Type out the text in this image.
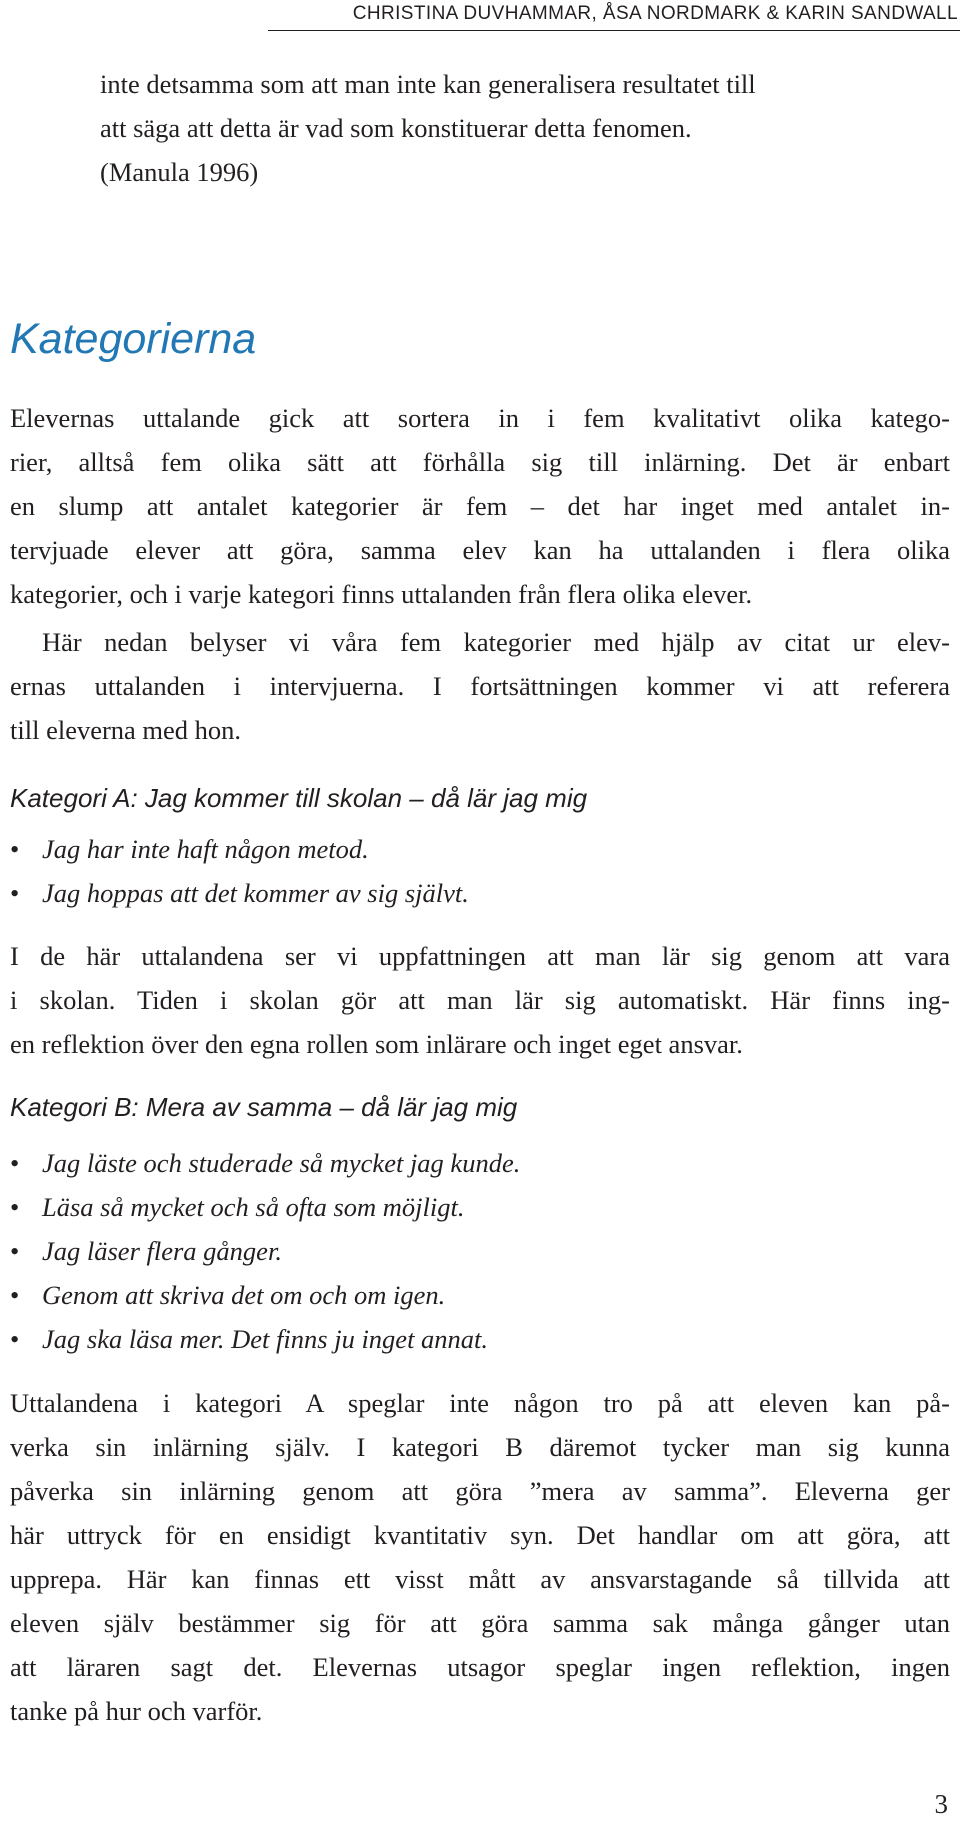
CHRISTINA DUVHAMMAR, ÅSA NORDMARK & KARIN SANDWALL
inte detsamma som att man inte kan generalisera resultatet till
att säga att detta är vad som konstituerar detta fenomen.
(Manula 1996)
Kategorierna
Elevernas uttalande gick att sortera in i fem kvalitativt olika katego-
rier, alltså fem olika sätt att förhålla sig till inlärning. Det är enbart
en slump att antalet kategorier är fem – det har inget med antalet in-
tervjuade elever att göra, samma elev kan ha uttalanden i flera olika
kategorier, och i varje kategori finns uttalanden från flera olika elever.
Här nedan belyser vi våra fem kategorier med hjälp av citat ur elev-
ernas uttalanden i intervjuerna. I fortsättningen kommer vi att referera
till eleverna med hon.
Kategori A: Jag kommer till skolan – då lär jag mig
• Jag har inte haft någon metod.
• Jag hoppas att det kommer av sig självt.
I de här uttalandena ser vi uppfattningen att man lär sig genom att vara
i skolan. Tiden i skolan gör att man lär sig automatiskt. Här finns ing-
en reflektion över den egna rollen som inlärare och inget eget ansvar.
Kategori B: Mera av samma – då lär jag mig
• Jag läste och studerade så mycket jag kunde.
• Läsa så mycket och så ofta som möjligt.
• Jag läser flera gånger.
• Genom att skriva det om och om igen.
• Jag ska läsa mer. Det finns ju inget annat.
Uttalandena i kategori A speglar inte någon tro på att eleven kan på-
verka sin inlärning själv. I kategori B däremot tycker man sig kunna
påverka sin inlärning genom att göra ”mera av samma”. Eleverna ger
här uttryck för en ensidigt kvantitativ syn. Det handlar om att göra, att
upprepa. Här kan finnas ett visst mått av ansvarstagande så tillvida att
eleven själv bestämmer sig för att göra samma sak många gånger utan
att läraren sagt det. Elevernas utsagor speglar ingen reflektion, ingen
tanke på hur och varför.
3
